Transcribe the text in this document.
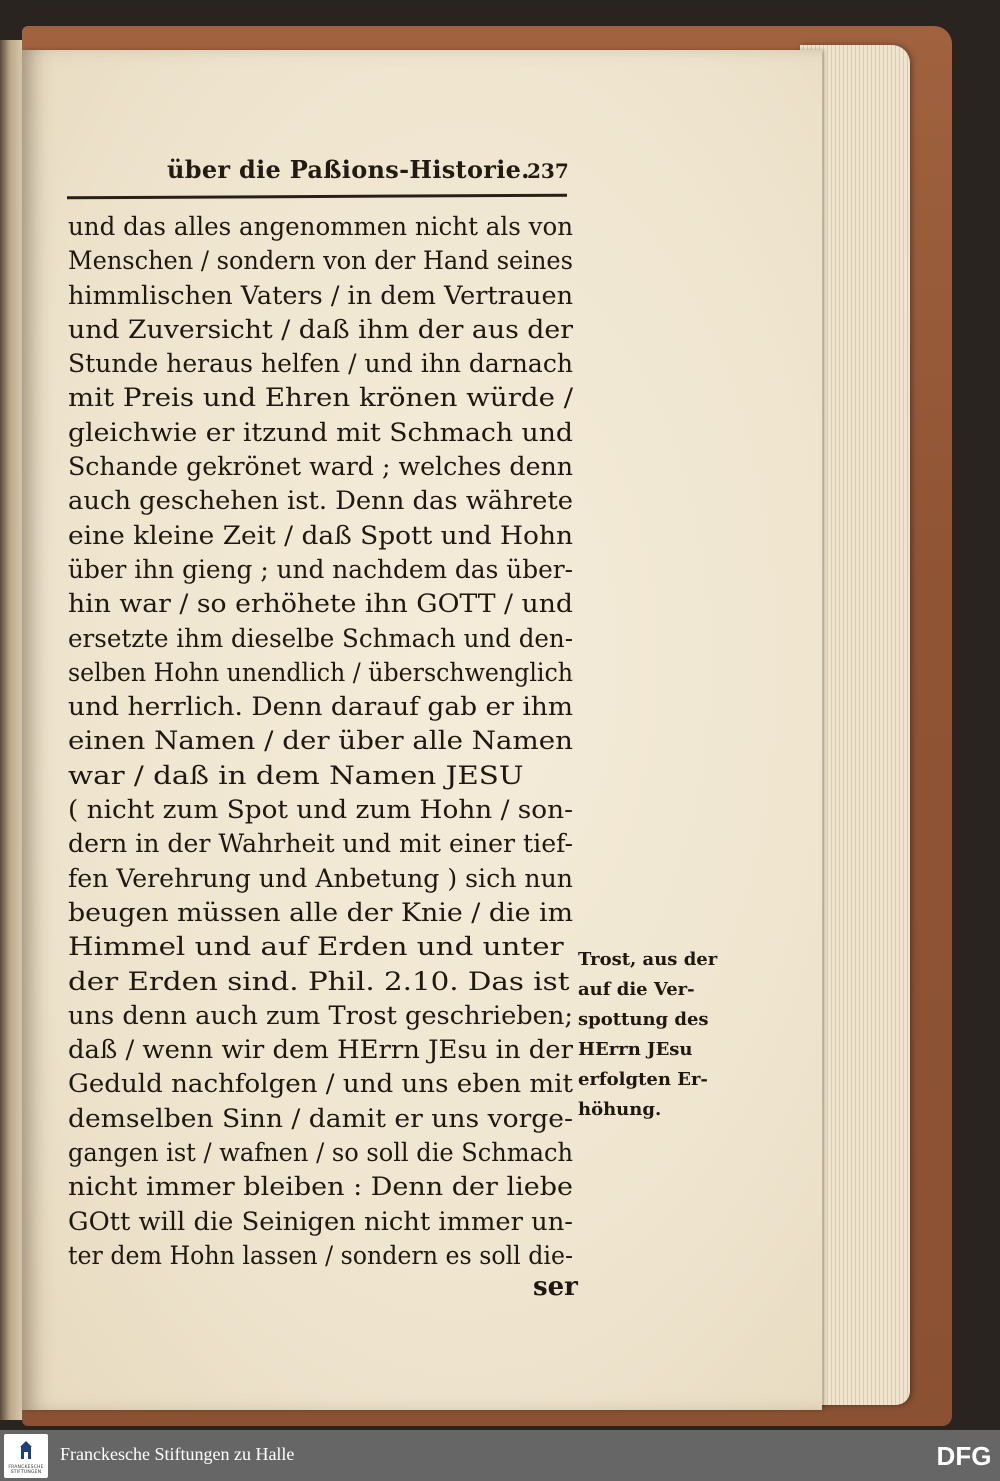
über die Paßions-Historie.
237
und das alles angenommen nicht als von
Menschen / sondern von der Hand seines
himmlischen Vaters / in dem Vertrauen
und Zuversicht / daß ihm der aus der
Stunde heraus helfen / und ihn darnach
mit Preis und Ehren krönen würde /
gleichwie er itzund mit Schmach und
Schande gekrönet ward ; welches denn
auch geschehen ist. Denn das währete
eine kleine Zeit / daß Spott und Hohn
über ihn gieng ; und nachdem das über-
hin war / so erhöhete ihn GOTT / und
ersetzte ihm dieselbe Schmach und den-
selben Hohn unendlich / überschwenglich
und herrlich. Denn darauf gab er ihm
einen Namen / der über alle Namen
war / daß in dem Namen JESU
( nicht zum Spot und zum Hohn / son-
dern in der Wahrheit und mit einer tief-
fen Verehrung und Anbetung ) sich nun
beugen müssen alle der Knie / die im
Himmel und auf Erden und unter
der Erden sind. Phil. 2.10. Das ist
uns denn auch zum Trost geschrieben;
daß / wenn wir dem HErrn JEsu in der
Geduld nachfolgen / und uns eben mit
demselben Sinn / damit er uns vorge-
gangen ist / wafnen / so soll die Schmach
nicht immer bleiben : Denn der liebe
GOtt will die Seinigen nicht immer un-
ter dem Hohn lassen / sondern es soll die-
ser
Trost, aus der
auf die Ver-
spottung des
HErrn JEsu
erfolgten Er-
höhung.
FRANCKESCHE STIFTUNGEN
Franckesche Stiftungen zu Halle	DFG
